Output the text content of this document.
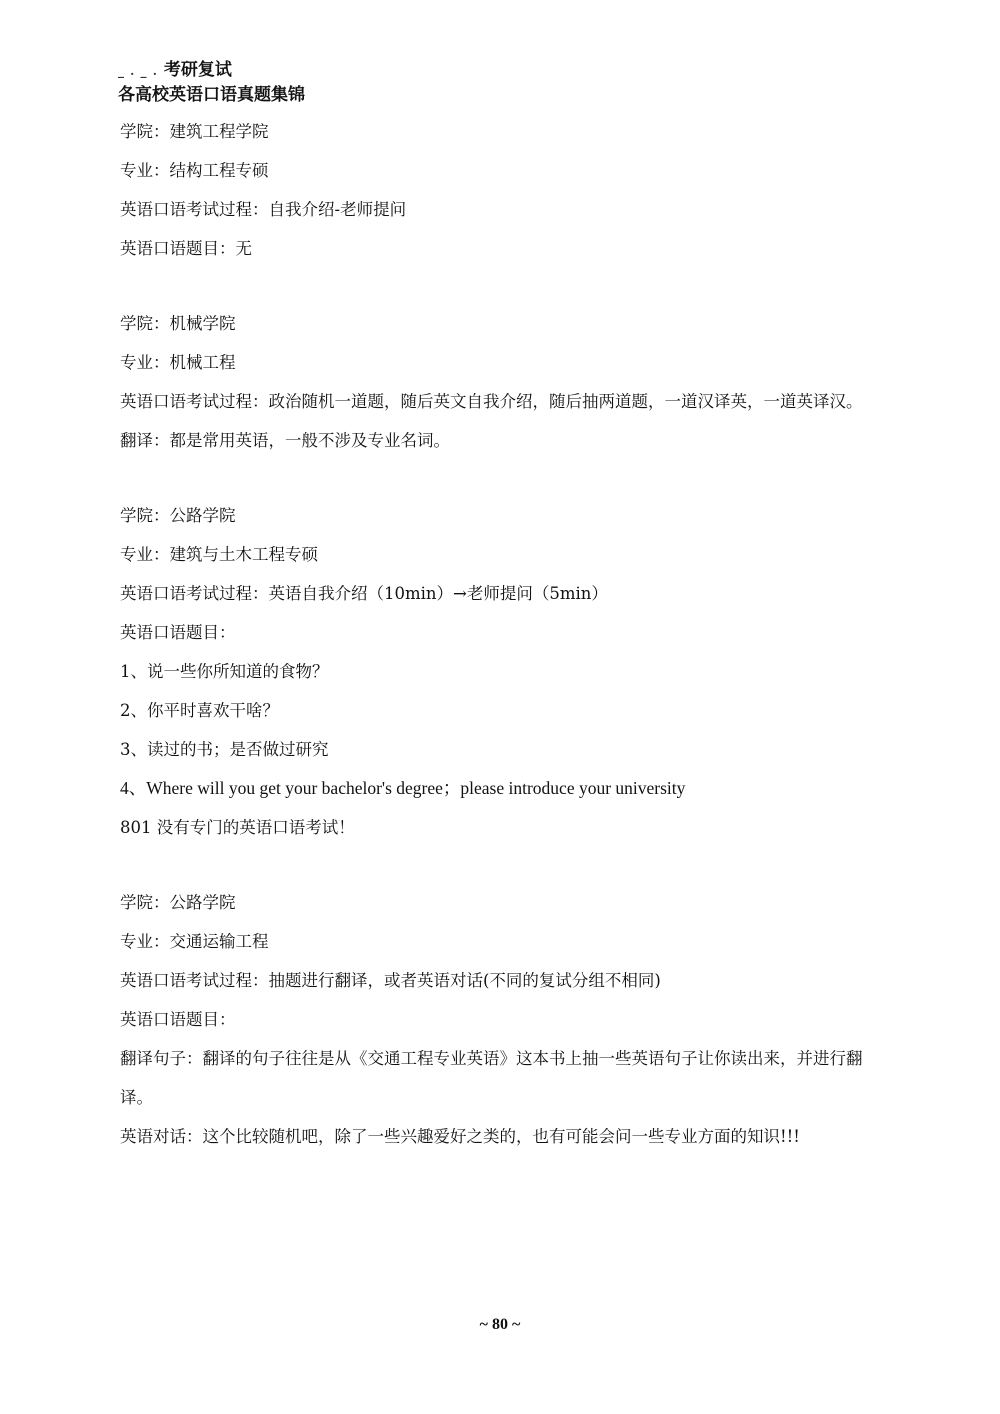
_ . _ . 考研复试
各高校英语口语真题集锦
学院：建筑工程学院
专业：结构工程专硕
英语口语考试过程：自我介绍-老师提问
英语口语题目：无
学院：机械学院
专业：机械工程
英语口语考试过程：政治随机一道题，随后英文自我介绍，随后抽两道题，一道汉译英，一道英译汉。
翻译：都是常用英语，一般不涉及专业名词。
学院：公路学院
专业：建筑与土木工程专硕
英语口语考试过程：英语自我介绍（10min）→老师提问（5min）
英语口语题目：
1、说一些你所知道的食物？
2、你平时喜欢干啥？
3、读过的书；是否做过研究
4、Where will you get your bachelor's degree；please introduce your university
801 没有专门的英语口语考试！
学院：公路学院
专业：交通运输工程
英语口语考试过程：抽题进行翻译，或者英语对话(不同的复试分组不相同)
英语口语题目：
翻译句子：翻译的句子往往是从《交通工程专业英语》这本书上抽一些英语句子让你读出来，并进行翻译。
英语对话：这个比较随机吧，除了一些兴趣爱好之类的，也有可能会问一些专业方面的知识!!!
~ 80 ~
